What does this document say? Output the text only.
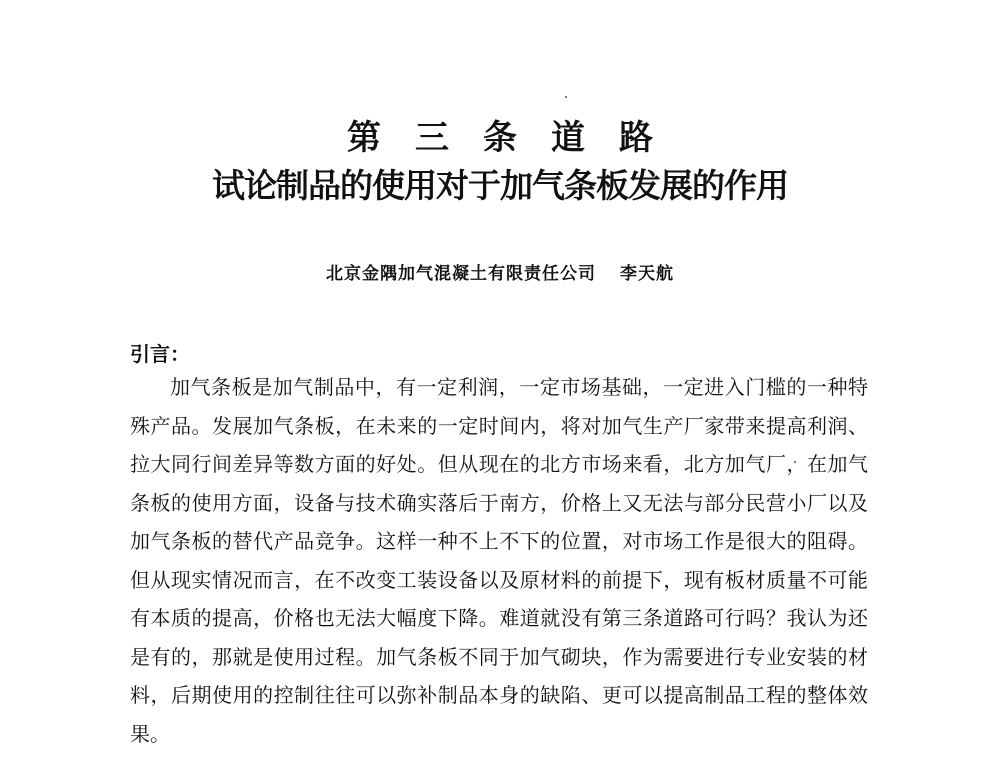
第三条道路
试论制品的使用对于加气条板发展的作用
北京金隅加气混凝土有限责任公司 李天航
引言：

加气条板是加气制品中，有一定利润，一定市场基础，一定进入门槛的一种特殊产品。发展加气条板，在未来的一定时间内，将对加气生产厂家带来提高利润、拉大同行间差异等数方面的好处。但从现在的北方市场来看，北方加气厂，在加气条板的使用方面，设备与技术确实落后于南方，价格上又无法与部分民营小厂以及加气条板的替代产品竞争。这样一种不上不下的位置，对市场工作是很大的阻碍。但从现实情况而言，在不改变工装设备以及原材料的前提下，现有板材质量不可能有本质的提高，价格也无法大幅度下降。难道就没有第三条道路可行吗？我认为还是有的，那就是使用过程。加气条板不同于加气砌块，作为需要进行专业安装的材料，后期使用的控制往往可以弥补制品本身的缺陷、更可以提高制品工程的整体效果。
